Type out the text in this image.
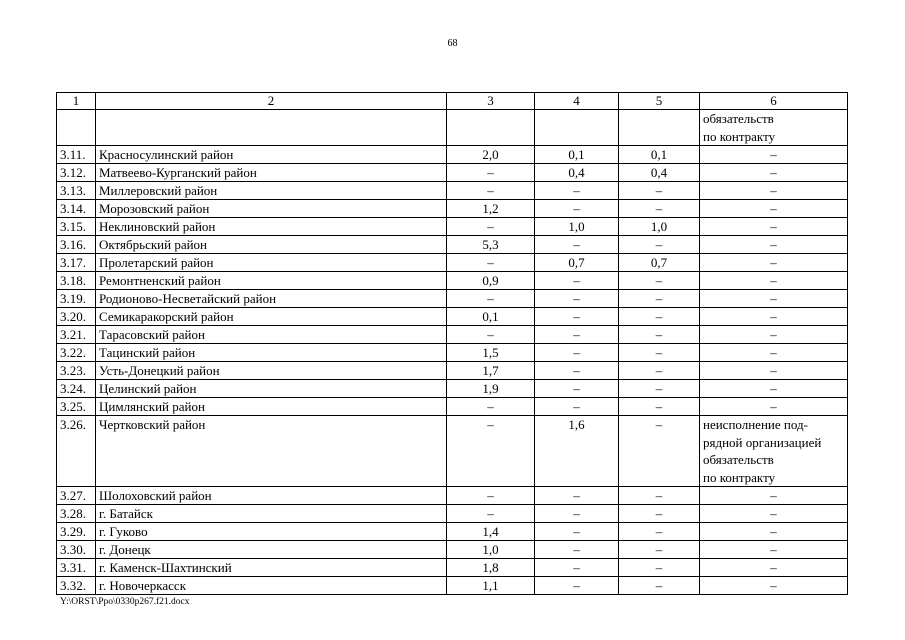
68
1	2	3	4	5	6

					обязательств
по контракту

3.11.	Красносулинский район	2,0	0,1	0,1	–
3.12.	Матвеево-Курганский район	–	0,4	0,4	–
3.13.	Миллеровский район	–	–	–	–
3.14.	Морозовский район	1,2	–	–	–
3.15.	Неклиновский район	–	1,0	1,0	–
3.16.	Октябрьский район	5,3	–	–	–
3.17.	Пролетарский район	–	0,7	0,7	–
3.18.	Ремонтненский район	0,9	–	–	–
3.19.	Родионово-Несветайский район	–	–	–	–
3.20.	Семикаракорский район	0,1	–	–	–
3.21.	Тарасовский район	–	–	–	–
3.22.	Тацинский район	1,5	–	–	–
3.23.	Усть-Донецкий район	1,7	–	–	–
3.24.	Целинский район	1,9	–	–	–
3.25.	Цимлянский район	–	–	–	–
3.26.	Чертковский район	–	1,6	–	неисполнение под-
рядной организацией
обязательств
по контракту

3.27.	Шолоховский район	–	–	–	–
3.28.	г. Батайск	–	–	–	–
3.29.	г. Гуково	1,4	–	–	–
3.30.	г. Донецк	1,0	–	–	–
3.31.	г. Каменск-Шахтинский	1,8	–	–	–
3.32.	г. Новочеркасск	1,1	–	–	–
Y:\ORST\Ppo\0330p267.f21.docx
